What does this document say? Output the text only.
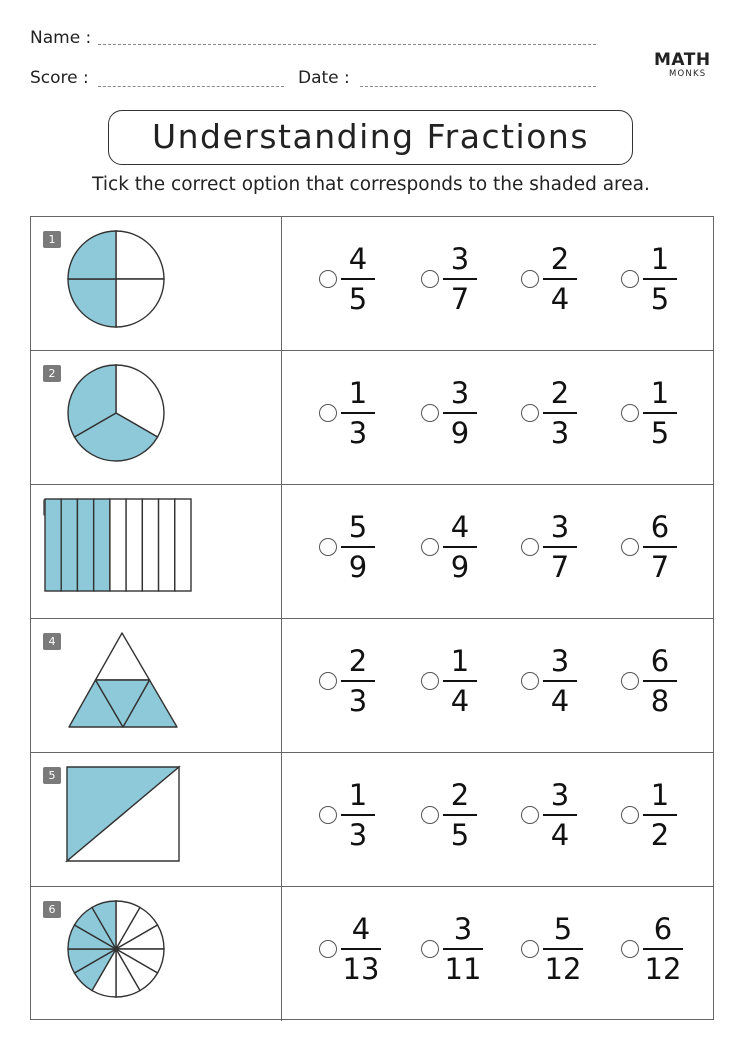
Name :
Score :	Date :
MATH
MONKS
Understanding Fractions
Tick the correct option that corresponds to the shaded area.
1
4
5
3
7
2
4
1
5
2
1
3
3
9
2
3
1
5
5
9
4
9
3
7
6
7
4
2
3
1
4
3
4
6
8
5
1
3
2
5
3
4
1
2
6
4
13
3
11
5
12
6
12
